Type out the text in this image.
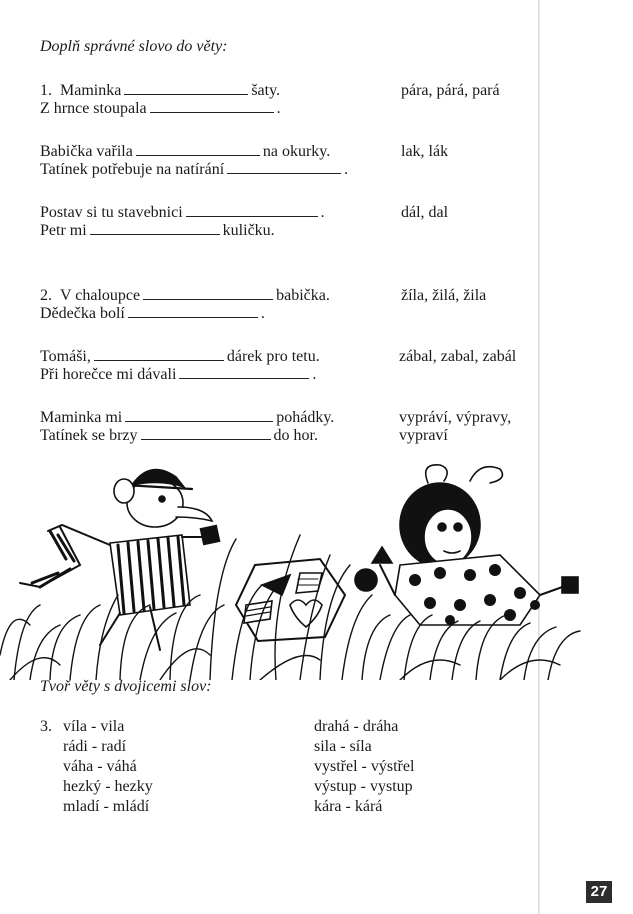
Doplň správné slovo do věty:
1. Maminka	šaty.
Z hrnce stoupala	.
pára, párá, pará
Babička vařila	na okurky.
Tatínek potřebuje na natírání	.
lak, lák
Postav si tu stavebnici	.
Petr mi	kuličku.
dál, dal
2. V chaloupce	babička.
Dědečka bolí	.
žíla, žilá, žila
Tomáši,	dárek pro tetu.
Při horečce mi dávali	.
zábal, zabal, zabál
Maminka mi	pohádky.
Tatínek se brzy	do hor.
vypráví, výpravy,
vypraví
Tvoř věty s dvojicemi slov:
3. víla - vila
rádi - radí
váha - váhá
hezký - hezky
mladí - mládí
drahá - dráha
sila - síla
vystřel - výstřel
výstup - vystup
kára - kárá
27
